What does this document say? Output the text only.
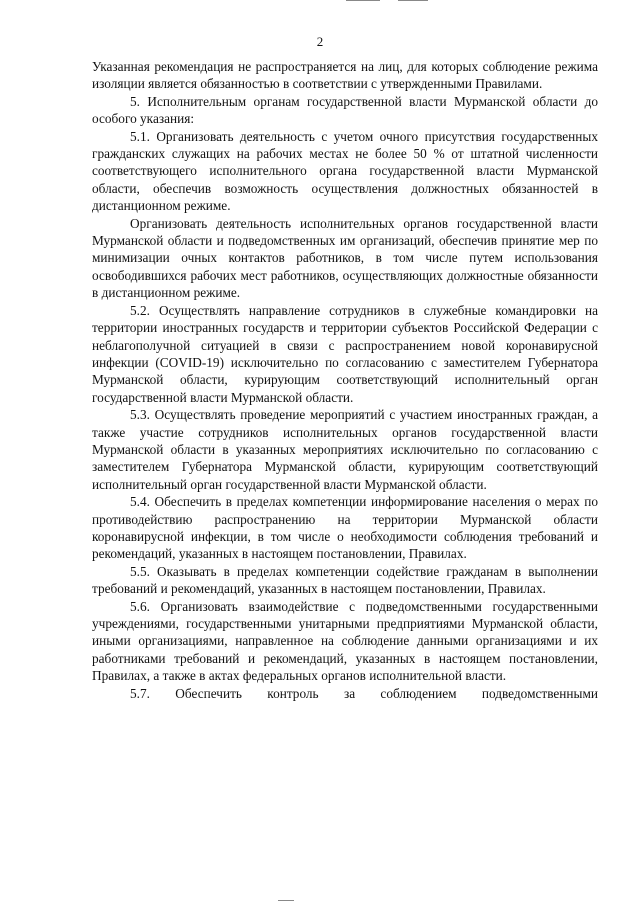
2

Указанная рекомендация не распространяется на лиц, для которых соблюдение режима изоляции является обязанностью в соответствии с утвержденными Правилами.

5. Исполнительным органам государственной власти Мурманской области до особого указания:

5.1. Организовать деятельность с учетом очного присутствия государственных гражданских служащих на рабочих местах не более 50 % от штатной численности соответствующего исполнительного органа государственной власти Мурманской области, обеспечив возможность осуществления должностных обязанностей в дистанционном режиме.

Организовать деятельность исполнительных органов государственной власти Мурманской области и подведомственных им организаций, обеспечив принятие мер по минимизации очных контактов работников, в том числе путем использования освободившихся рабочих мест работников, осуществляющих должностные обязанности в дистанционном режиме.

5.2. Осуществлять направление сотрудников в служебные командировки на территории иностранных государств и территории субъектов Российской Федерации с неблагополучной ситуацией в связи с распространением новой коронавирусной инфекции (COVID-19) исключительно по согласованию с заместителем Губернатора Мурманской области, курирующим соответствующий исполнительный орган государственной власти Мурманской области.

5.3. Осуществлять проведение мероприятий с участием иностранных граждан, а также участие сотрудников исполнительных органов государственной власти Мурманской области в указанных мероприятиях исключительно по согласованию с заместителем Губернатора Мурманской области, курирующим соответствующий исполнительный орган государственной власти Мурманской области.

5.4. Обеспечить в пределах компетенции информирование населения о мерах по противодействию распространению на территории Мурманской области коронавирусной инфекции, в том числе о необходимости соблюдения требований и рекомендаций, указанных в настоящем постановлении, Правилах.

5.5. Оказывать в пределах компетенции содействие гражданам в выполнении требований и рекомендаций, указанных в настоящем постановлении, Правилах.

5.6. Организовать взаимодействие с подведомственными государственными учреждениями, государственными унитарными предприятиями Мурманской области, иными организациями, направленное на соблюдение данными организациями и их работниками требований и рекомендаций, указанных в настоящем постановлении, Правилах, а также в актах федеральных органов исполнительной власти.

5.7. Обеспечить контроль за соблюдением подведомственными
